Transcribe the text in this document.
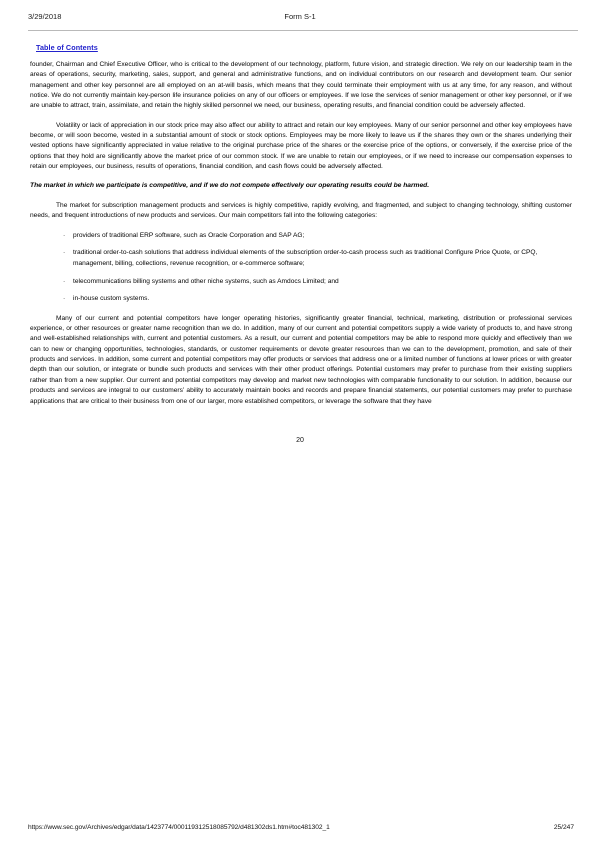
3/29/2018	Form S-1
Table of Contents

founder, Chairman and Chief Executive Officer, who is critical to the development of our technology, platform, future vision, and strategic direction. We rely on our leadership team in the areas of operations, security, marketing, sales, support, and general and administrative functions, and on individual contributors on our research and development team. Our senior management and other key personnel are all employed on an at-will basis, which means that they could terminate their employment with us at any time, for any reason, and without notice. We do not currently maintain key-person life insurance policies on any of our officers or employees. If we lose the services of senior management or other key personnel, or if we are unable to attract, train, assimilate, and retain the highly skilled personnel we need, our business, operating results, and financial condition could be adversely affected.

Volatility or lack of appreciation in our stock price may also affect our ability to attract and retain our key employees. Many of our senior personnel and other key employees have become, or will soon become, vested in a substantial amount of stock or stock options. Employees may be more likely to leave us if the shares they own or the shares underlying their vested options have significantly appreciated in value relative to the original purchase price of the shares or the exercise price of the options, or conversely, if the exercise price of the options that they hold are significantly above the market price of our common stock. If we are unable to retain our employees, or if we need to increase our compensation expenses to retain our employees, our business, results of operations, financial condition, and cash flows could be adversely affected.

The market in which we participate is competitive, and if we do not compete effectively our operating results could be harmed.

The market for subscription management products and services is highly competitive, rapidly evolving, and fragmented, and subject to changing technology, shifting customer needs, and frequent introductions of new products and services. Our main competitors fall into the following categories:

· providers of traditional ERP software, such as Oracle Corporation and SAP AG;
· traditional order-to-cash solutions that address individual elements of the subscription order-to-cash process such as traditional Configure Price Quote, or CPQ, management, billing, collections, revenue recognition, or e-commerce software;
· telecommunications billing systems and other niche systems, such as Amdocs Limited; and
· in-house custom systems.

Many of our current and potential competitors have longer operating histories, significantly greater financial, technical, marketing, distribution or professional services experience, or other resources or greater name recognition than we do. In addition, many of our current and potential competitors supply a wide variety of products to, and have strong and well-established relationships with, current and potential customers. As a result, our current and potential competitors may be able to respond more quickly and effectively than we can to new or changing opportunities, technologies, standards, or customer requirements or devote greater resources than we can to the development, promotion, and sale of their products and services. In addition, some current and potential competitors may offer products or services that address one or a limited number of functions at lower prices or with greater depth than our solution, or integrate or bundle such products and services with their other product offerings. Potential customers may prefer to purchase from their existing suppliers rather than from a new supplier. Our current and potential competitors may develop and market new technologies with comparable functionality to our solution. In addition, because our products and services are integral to our customers’ ability to accurately maintain books and records and prepare financial statements, our potential customers may prefer to purchase applications that are critical to their business from one of our larger, more established competitors, or leverage the software that they have

20
https://www.sec.gov/Archives/edgar/data/1423774/000119312518085792/d481302ds1.htm#toc481302_1	25/247
